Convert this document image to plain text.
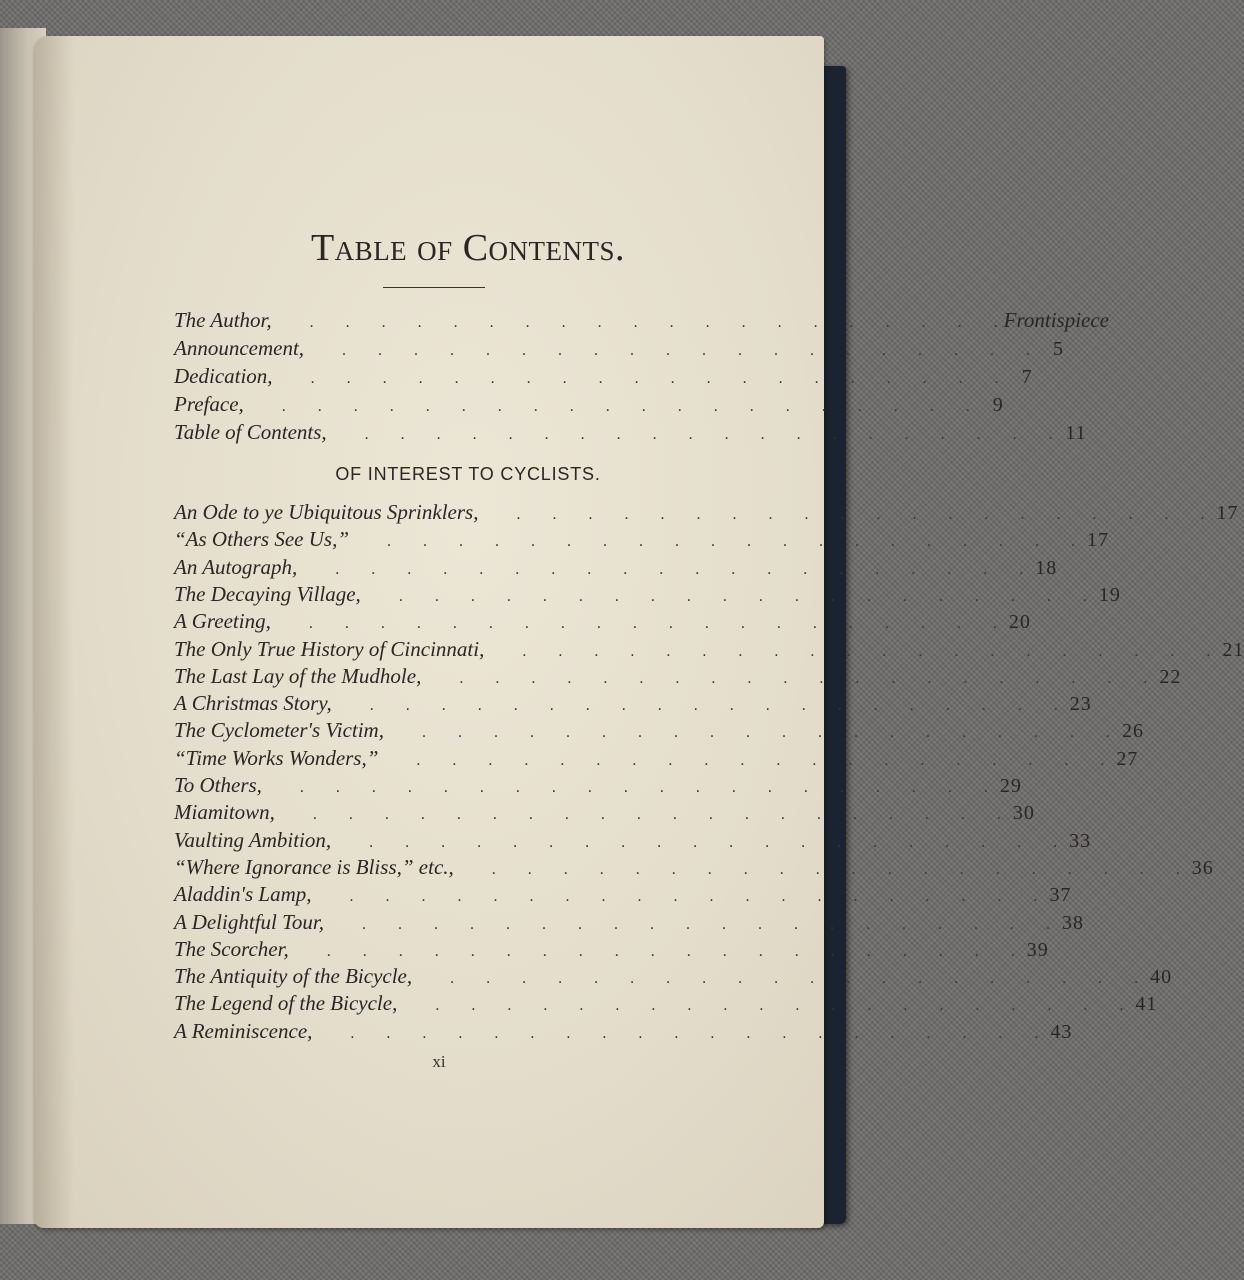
Table of Contents.
The Author, .  .  .  .  .  .  .  .  .  .  .  .  .  .  .  .  .  .  .  .   Frontispiece
Announcement, .  .  .  .  .  .  .  .  .  .  .  .  .  .  .  .  .  .  .  .  	5
Dedication, .  .  .  .  .  .  .  .  .  .  .  .  .  .  .  .  .  .  .  .  	7
Preface, .  .  .  .  .  .  .  .  .  .  .  .  .  .  .  .  .  .  .  .  	9
Table of Contents, .  .  .  .  .  .  .  .  .  .  .  .  .  .  .  .  .  .  .  .   11
An Ode to ye Ubiquitous Sprinklers, .  .  .  .  .  .  .  .  .  .  .  .  .  .  .  .  .  .  .  .   17
“As Others See Us,” .  .  .  .  .  .  .  .  .  .  .  .  .  .  .  .  .  .  .  .   17
An Autograph, .  .  .  .  .  .  .  .  .  .  .  .  .  .  .  .  .  .  .  .   18
The Decaying Village, .  .  .  .  .  .  .  .  .  .  .  .  .  .  .  .  .  .  .  .   19
A Greeting, .  .  .  .  .  .  .  .  .  .  .  .  .  .  .  .  .  .  .  .   20
The Only True History of Cincinnati, .  .  .  .  .  .  .  .  .  .  .  .  .  .  .  .  .  .  .  .   21
The Last Lay of the Mudhole, .  .  .  .  .  .  .  .  .  .  .  .  .  .  .  .  .  .  .  .   22
A Christmas Story, .  .  .  .  .  .  .  .  .  .  .  .  .  .  .  .  .  .  .  .   23
The Cyclometer's Victim, .  .  .  .  .  .  .  .  .  .  .  .  .  .  .  .  .  .  .  .   26
“Time Works Wonders,” .  .  .  .  .  .  .  .  .  .  .  .  .  .  .  .  .  .  .  .   27
To Others, .  .  .  .  .  .  .  .  .  .  .  .  .  .  .  .  .  .  .  .   29
Miamitown, .  .  .  .  .  .  .  .  .  .  .  .  .  .  .  .  .  .  .  .   30
Vaulting Ambition, .  .  .  .  .  .  .  .  .  .  .  .  .  .  .  .  .  .  .  .   33
“Where Ignorance is Bliss,” etc., .  .  .  .  .  .  .  .  .  .  .  .  .  .  .  .  .  .  .  .   36
Aladdin's Lamp, .  .  .  .  .  .  .  .  .  .  .  .  .  .  .  .  .  .  .  .   37
A Delightful Tour, .  .  .  .  .  .  .  .  .  .  .  .  .  .  .  .  .  .  .  .   38
The Scorcher, .  .  .  .  .  .  .  .  .  .  .  .  .  .  .  .  .  .  .  .   39
The Antiquity of the Bicycle, .  .  .  .  .  .  .  .  .  .  .  .  .  .  .  .  .  .  .  .   40
The Legend of the Bicycle, .  .  .  .  .  .  .  .  .  .  .  .  .  .  .  .  .  .  .  .   41
A Reminiscence, .  .  .  .  .  .  .  .  .  .  .  .  .  .  .  .  .  .  .  .   43
OF INTEREST TO CYCLISTS.
xi
